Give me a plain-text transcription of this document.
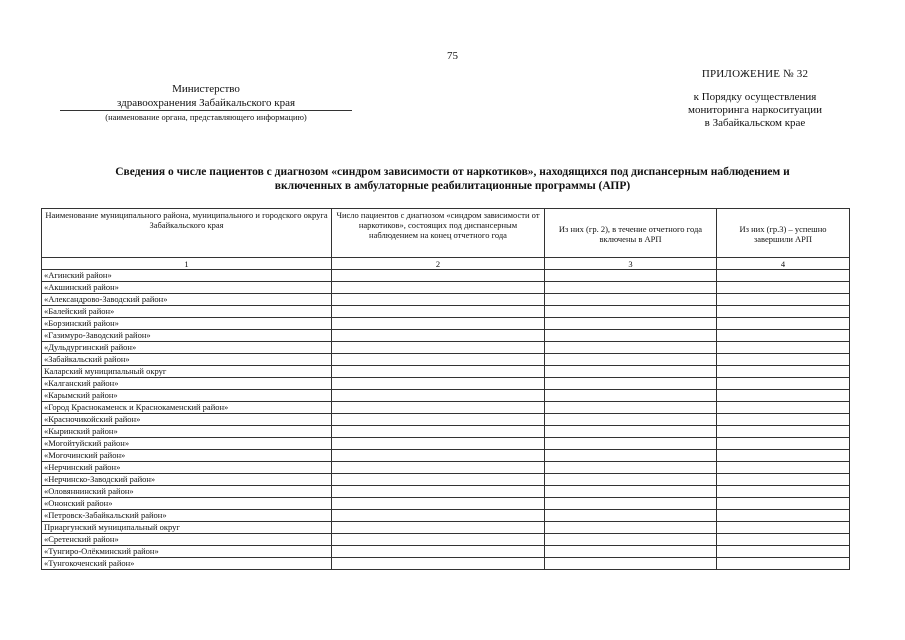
75
Министерство
здравоохранения Забайкальского края
(наименование органа, представляющего информацию)
ПРИЛОЖЕНИЕ № 32
к Порядку осуществления
мониторинга наркоситуации
в Забайкальском крае
Сведения о числе пациентов с диагнозом «синдром зависимости от наркотиков», находящихся под диспансерным наблюдением и
включенных в амбулаторные реабилитационные программы (АПР)
Наименование муниципального района, муниципального и городского округа Забайкальского края	Число пациентов с диагнозом «синдром зависимости от наркотиков», состоящих под диспансерным наблюдением на конец отчетного года	Из них (гр. 2), в течение отчетного года включены в АРП	Из них (гр.3) – успешно завершили АРП
1	2	3	4
«Агинский район»			
«Акшинский район»			
«Александрово-Заводский район»			
«Балейский район»			
«Борзинский район»			
«Газимуро-Заводский район»			
«Дульдургинский район»			
«Забайкальский район»			
Каларский муниципальный округ			
«Калганский район»			
«Карымский район»			
«Город Краснокаменск и Краснокаменский район»			
«Красночикойский район»			
«Кыринский район»			
«Могойтуйский район»			
«Могочинский район»			
«Нерчинский район»			
«Нерчинско-Заводский район»			
«Оловяннинский район»			
«Ононский район»			
«Петровск-Забайкальский район»			
Приаргунский муниципальный округ			
«Сретенский район»			
«Тунгиро-Олёкминский район»			
«Тунгокоченский район»			
